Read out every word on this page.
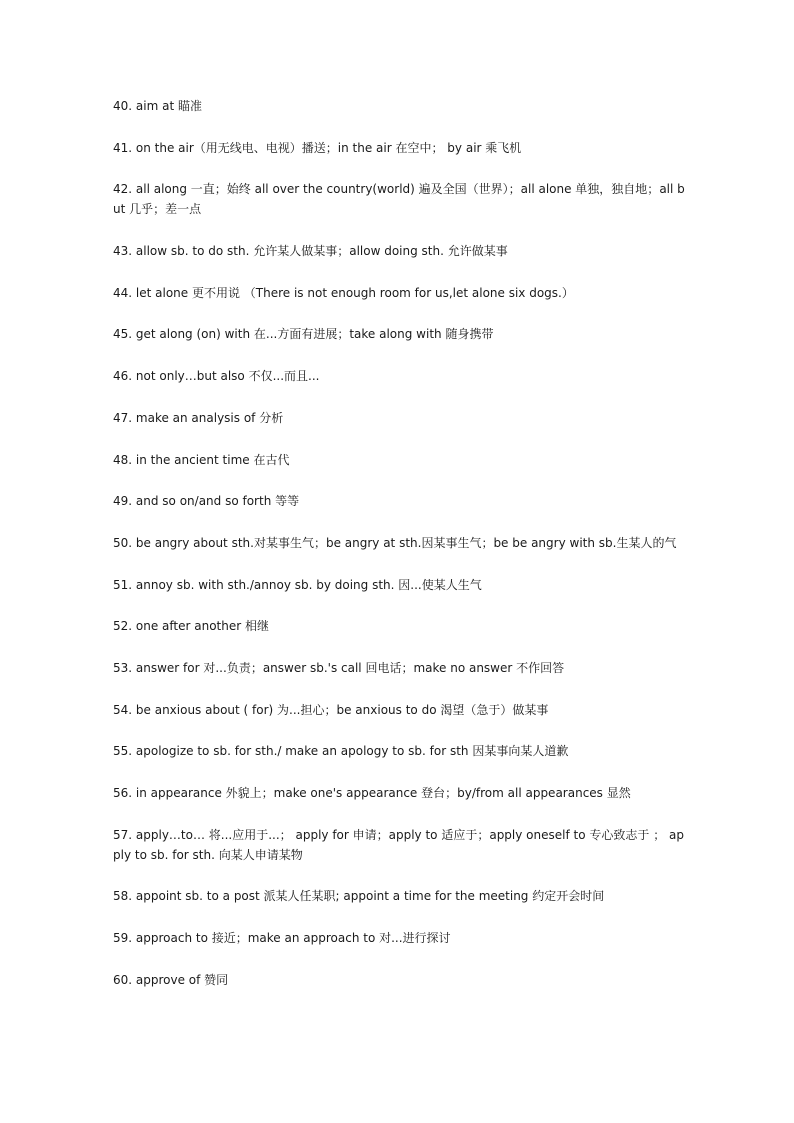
40. aim at 瞄准
41. on the air（用无线电、电视）播送；in the air 在空中； by air 乘飞机
42. all along 一直；始终 all over the country(world) 遍及全国（世界）；all alone 单独，独自地；all but 几乎；差一点
43. allow sb. to do sth. 允许某人做某事；allow doing sth. 允许做某事
44. let alone 更不用说 （There is not enough room for us,let alone six dogs.）
45. get along (on) with 在...方面有进展；take along with 随身携带
46. not only…but also 不仅...而且...
47. make an analysis of 分析
48. in the ancient time 在古代
49. and so on/and so forth 等等
50. be angry about sth.对某事生气；be angry at sth.因某事生气；be be angry with sb.生某人的气
51. annoy sb. with sth./annoy sb. by doing sth. 因...使某人生气
52. one after another 相继
53. answer for 对...负责；answer sb.'s call 回电话；make no answer 不作回答
54. be anxious about ( for) 为...担心；be anxious to do 渴望（急于）做某事
55. apologize to sb. for sth./ make an apology to sb. for sth 因某事向某人道歉
56. in appearance 外貌上；make one's appearance 登台；by/from all appearances 显然
57. apply…to… 将...应用于...； apply for 申请；apply to 适应于；apply oneself to 专心致志于 ； apply to sb. for sth. 向某人申请某物
58. appoint sb. to a post 派某人任某职; appoint a time for the meeting 约定开会时间
59. approach to 接近；make an approach to 对...进行探讨
60. approve of 赞同
